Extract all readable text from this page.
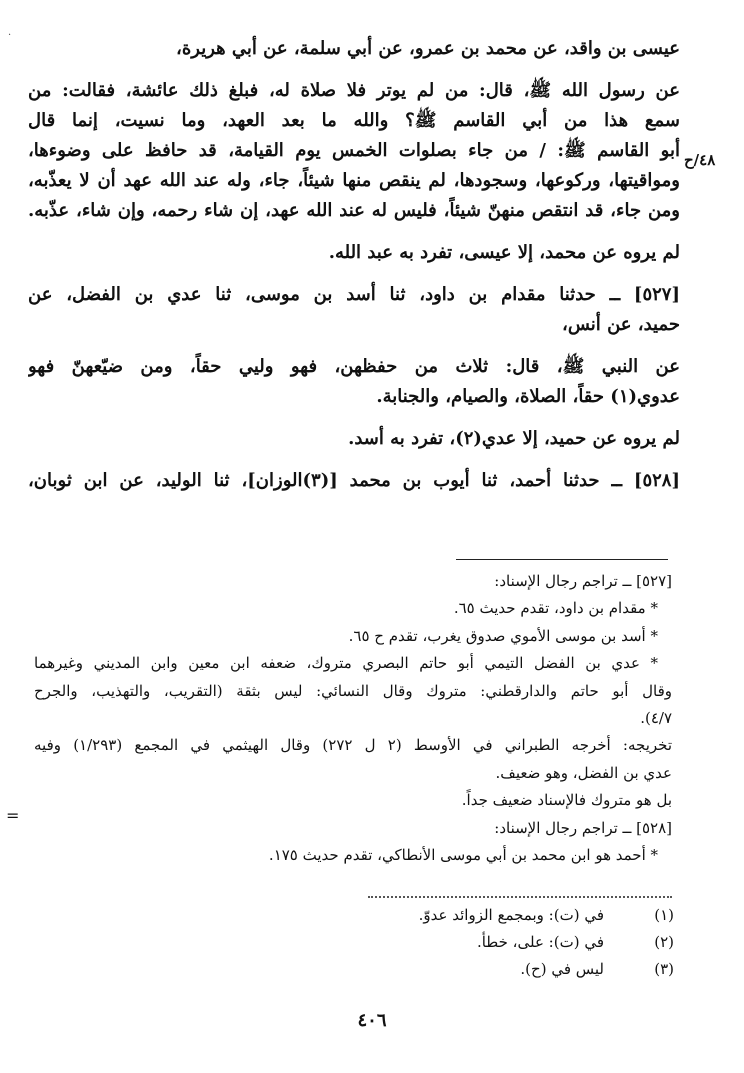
·
عيسى بن واقد، عن محمد بن عمرو، عن أبي سلمة، عن أبي هريرة،
عن رسول الله ﷺ، قال: من لم يوتر فلا صلاة له، فبلغ ذلك عائشة، فقالت: من
سمع هذا من أبي القاسم ﷺ؟ والله ما بعد العهد، وما نسيت، إنما قال
أبو القاسم ﷺ: / من جاء بصلوات الخمس يوم القيامة، قد حافظ على وضوءها،
ومواقيتها، وركوعها، وسجودها، لم ينقص منها شيئاً، جاء، وله عند الله عهد أن لا يعذّبه،
ومن جاء، قد انتقص منهنّ شيئاً، فليس له عند الله عهد، إن شاء رحمه، وإن شاء، عذّبه.
لم يروه عن محمد، إلا عيسى، تفرد به عبد الله.
[٥٢٧] ــ حدثنا مقدام بن داود، ثنا أسد بن موسى، ثنا عدي بن الفضل، عن
حميد، عن أنس،
عن النبي ﷺ، قال: ثلاث من حفظهن، فهو وليي حقاً، ومن ضيّعهنّ فهو
عدوي(١) حقاً، الصلاة، والصيام، والجنابة.
لم يروه عن حميد، إلا عدي(٢)، تفرد به أسد.
[٥٢٨] ــ حدثنا أحمد، ثنا أيوب بن محمد [(٣)الوزان]، ثنا الوليد، عن ابن ثوبان،
٤٨/ح
=
[٥٢٧] ــ تراجم رجال الإسناد:
* مقدام بن داود، تقدم حديث ٦٥.
* أسد بن موسى الأموي صدوق يغرب، تقدم ح ٦٥.
* عدي بن الفضل التيمي أبو حاتم البصري متروك، ضعفه ابن معين وابن المديني وغيرهما
وقال أبو حاتم والدارقطني: متروك وقال النسائي: ليس بثقة (التقريب، والتهذيب، والجرح
٤/٧).
تخريجه: أخرجه الطبراني في الأوسط (٢ ل ٢٧٢) وقال الهيثمي في المجمع (١/٢٩٣) وفيه
عدي بن الفضل، وهو ضعيف.
بل هو متروك فالإسناد ضعيف جداً.
[٥٢٨] ــ تراجم رجال الإسناد:
* أحمد هو ابن محمد بن أبي موسى الأنطاكي، تقدم حديث ١٧٥.
(١)في (ت): وبمجمع الزوائد عدوّ.
(٢)في (ت): على، خطأ.
(٣)ليس في (ح).
٤٠٦
